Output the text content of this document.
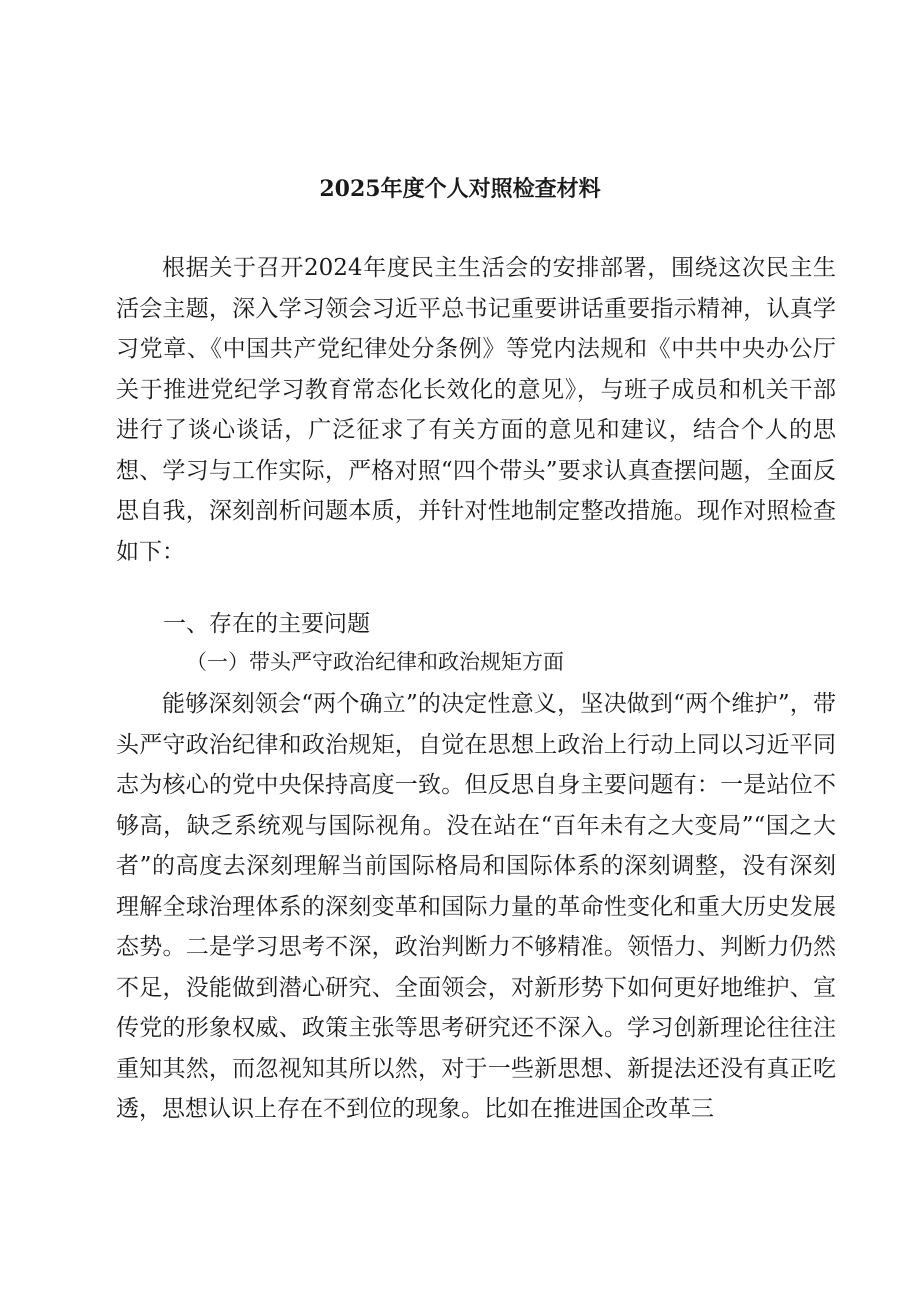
2025年度个人对照检查材料

根据关于召开2024年度民主生活会的安排部署，围绕这次民主生活会主题，深入学习领会习近平总书记重要讲话重要指示精神，认真学习党章、《中国共产党纪律处分条例》等党内法规和《中共中央办公厅关于推进党纪学习教育常态化长效化的意见》，与班子成员和机关干部进行了谈心谈话，广泛征求了有关方面的意见和建议，结合个人的思想、学习与工作实际，严格对照“四个带头”要求认真查摆问题，全面反思自我，深刻剖析问题本质，并针对性地制定整改措施。现作对照检查如下：

一、存在的主要问题
（一）带头严守政治纪律和政治规矩方面

能够深刻领会“两个确立”的决定性意义，坚决做到“两个维护”，带头严守政治纪律和政治规矩，自觉在思想上政治上行动上同以习近平同志为核心的党中央保持高度一致。但反思自身主要问题有：一是站位不够高，缺乏系统观与国际视角。没在站在“百年未有之大变局”“国之大者”的高度去深刻理解当前国际格局和国际体系的深刻调整，没有深刻理解全球治理体系的深刻变革和国际力量的革命性变化和重大历史发展态势。二是学习思考不深，政治判断力不够精准。领悟力、判断力仍然不足，没能做到潜心研究、全面领会，对新形势下如何更好地维护、宣传党的形象权威、政策主张等思考研究还不深入。学习创新理论往往注重知其然，而忽视知其所以然，对于一些新思想、新提法还没有真正吃透，思想认识上存在不到位的现象。比如在推进国企改革三
